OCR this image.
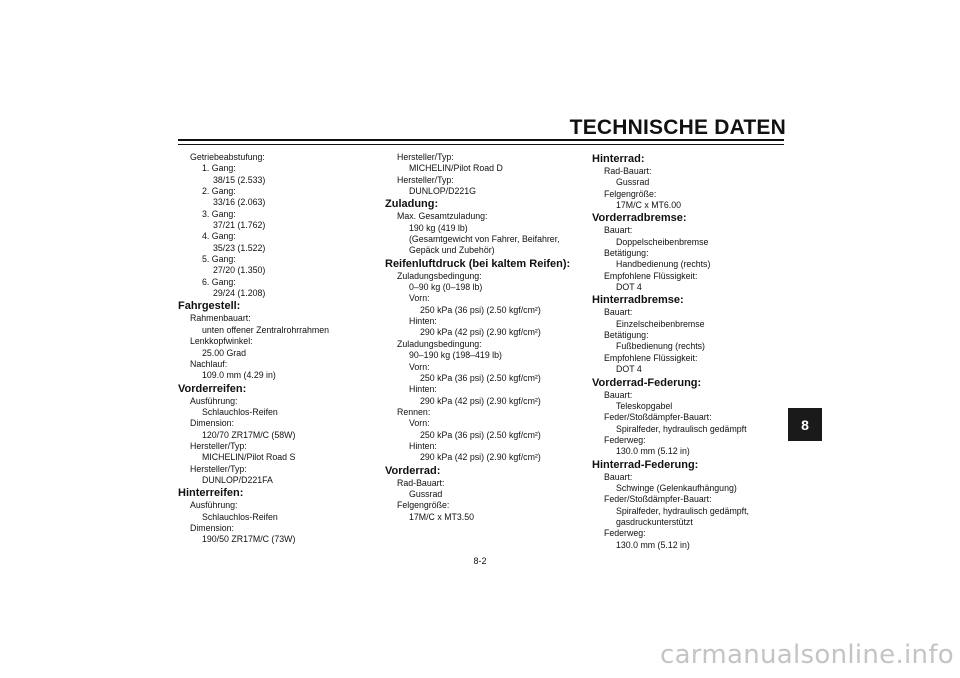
TECHNISCHE DATEN
Getriebeabstufung:
1. Gang:
38/15 (2.533)
2. Gang:
33/16 (2.063)
3. Gang:
37/21 (1.762)
4. Gang:
35/23 (1.522)
5. Gang:
27/20 (1.350)
6. Gang:
29/24 (1.208)
Fahrgestell:
Rahmenbauart:
unten offener Zentralrohrrahmen
Lenkkopfwinkel:
25.00 Grad
Nachlauf:
109.0 mm (4.29 in)
Vorderreifen:
Ausführung:
Schlauchlos-Reifen
Dimension:
120/70 ZR17M/C (58W)
Hersteller/Typ:
MICHELIN/Pilot Road S
Hersteller/Typ:
DUNLOP/D221FA
Hinterreifen:
Ausführung:
Schlauchlos-Reifen
Dimension:
190/50 ZR17M/C (73W)
Hersteller/Typ:
MICHELIN/Pilot Road D
Hersteller/Typ:
DUNLOP/D221G
Zuladung:
Max. Gesamtzuladung:
190 kg (419 lb)
(Gesamtgewicht von Fahrer, Beifahrer,
Gepäck und Zubehör)
Reifenluftdruck (bei kaltem Reifen):
Zuladungsbedingung:
0–90 kg (0–198 lb)
Vorn:
250 kPa (36 psi) (2.50 kgf/cm²)
Hinten:
290 kPa (42 psi) (2.90 kgf/cm²)
Zuladungsbedingung:
90–190 kg (198–419 lb)
Vorn:
250 kPa (36 psi) (2.50 kgf/cm²)
Hinten:
290 kPa (42 psi) (2.90 kgf/cm²)
Rennen:
Vorn:
250 kPa (36 psi) (2.50 kgf/cm²)
Hinten:
290 kPa (42 psi) (2.90 kgf/cm²)
Vorderrad:
Rad-Bauart:
Gussrad
Felgengröße:
17M/C x MT3.50
Hinterrad:
Rad-Bauart:
Gussrad
Felgengröße:
17M/C x MT6.00
Vorderradbremse:
Bauart:
Doppelscheibenbremse
Betätigung:
Handbedienung (rechts)
Empfohlene Flüssigkeit:
DOT 4
Hinterradbremse:
Bauart:
Einzelscheibenbremse
Betätigung:
Fußbedienung (rechts)
Empfohlene Flüssigkeit:
DOT 4
Vorderrad-Federung:
Bauart:
Teleskopgabel
Feder/Stoßdämpfer-Bauart:
Spiralfeder, hydraulisch gedämpft
Federweg:
130.0 mm (5.12 in)
Hinterrad-Federung:
Bauart:
Schwinge (Gelenkaufhängung)
Feder/Stoßdämpfer-Bauart:
Spiralfeder, hydraulisch gedämpft,
gasdruckunterstützt
Federweg:
130.0 mm (5.12 in)
8
8-2
carmanualsonline.info
